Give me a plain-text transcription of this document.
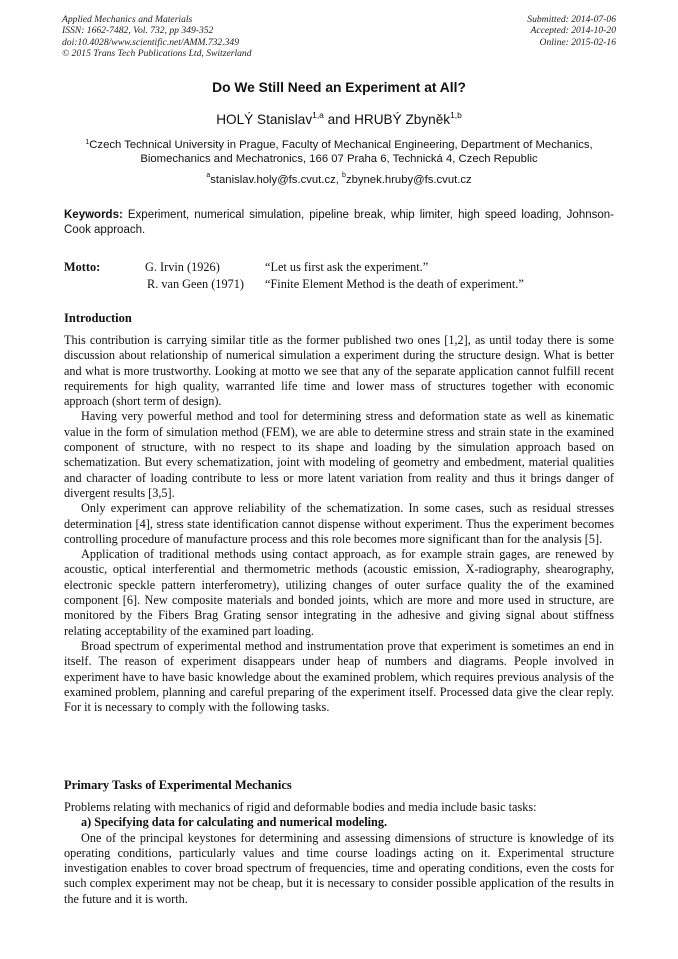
Applied Mechanics and Materials
ISSN: 1662-7482, Vol. 732, pp 349-352
doi:10.4028/www.scientific.net/AMM.732.349
© 2015 Trans Tech Publications Ltd, Switzerland
Submitted: 2014-07-06
Accepted: 2014-10-20
Online: 2015-02-16
Do We Still Need an Experiment at All?
HOLÝ Stanislav$^{1,a}$ and HRUBÝ Zbyněk$^{1,b}$
$^1$Czech Technical University in Prague, Faculty of Mechanical Engineering, Department of Mechanics, Biomechanics and Mechatronics, 166 07 Praha 6, Technická 4, Czech Republic
$^a$stanislav.holy@fs.cvut.cz, $^b$zbynek.hruby@fs.cvut.cz
Keywords: Experiment, numerical simulation, pipeline break, whip limiter, high speed loading, Johnson-Cook approach.
Motto:	G. Irvin (1926)	“Let us first ask the experiment.”
R. van Geen (1971) “Finite Element Method is the death of experiment.”
Introduction

This contribution is carrying similar title as the former published two ones [1,2], as until today there is some discussion about relationship of numerical simulation a experiment during the structure design. What is better and what is more trustworthy. Looking at motto we see that any of the separate application cannot fulfill recent requirements for high quality, warranted life time and lower mass of structures together with economic approach (short term of design).

Having very powerful method and tool for determining stress and deformation state as well as kinematic value in the form of simulation method (FEM), we are able to determine stress and strain state in the examined component of structure, with no respect to its shape and loading by the simulation approach based on schematization. But every schematization, joint with modeling of geometry and embedment, material qualities and character of loading contribute to less or more latent variation from reality and thus it brings danger of divergent results [3,5].

Only experiment can approve reliability of the schematization. In some cases, such as residual stresses determination [4], stress state identification cannot dispense without experiment. Thus the experiment becomes controlling procedure of manufacture process and this role becomes more significant than for the analysis [5].

Application of traditional methods using contact approach, as for example strain gages, are renewed by acoustic, optical interferential and thermometric methods (acoustic emission, X-radiography, shearography, electronic speckle pattern interferometry), utilizing changes of outer surface quality the of the examined component [6]. New composite materials and bonded joints, which are more and more used in structure, are monitored by the Fibers Brag Grating sensor integrating in the adhesive and giving signal about stiffness relating acceptability of the examined part loading.

Broad spectrum of experimental method and instrumentation prove that experiment is sometimes an end in itself. The reason of experiment disappears under heap of numbers and diagrams. People involved in experiment have to have basic knowledge about the examined problem, which requires previous analysis of the examined problem, planning and careful preparing of the experiment itself. Processed data give the clear reply. For it is necessary to comply with the following tasks.

Primary Tasks of Experimental Mechanics

Problems relating with mechanics of rigid and deformable bodies and media include basic tasks:

a) Specifying data for calculating and numerical modeling.

One of the principal keystones for determining and assessing dimensions of structure is knowledge of its operating conditions, particularly values and time course loadings acting on it. Experimental structure investigation enables to cover broad spectrum of frequencies, time and operating conditions, even the costs for such complex experiment may not be cheap, but it is necessary to consider possible application of the results in the future and it is worth.
